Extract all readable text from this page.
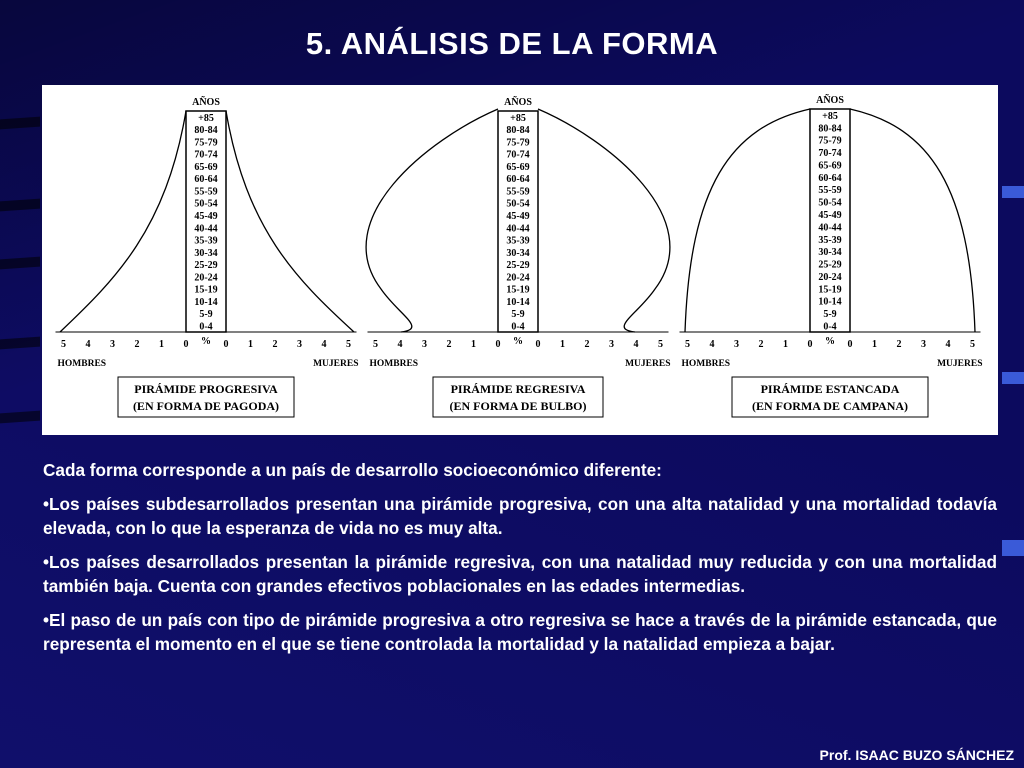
5. ANÁLISIS DE LA FORMA
AÑOS
+85
80-84
75-79
70-74
65-69
60-64
55-59
50-54
45-49
40-44
35-39
30-34
25-29
20-24
15-19
10-14
5-9
0-4
5 4 3 2 1 0	0 1 2 3 4 5
%
HOMBRES	MUJERES
PIRÁMIDE PROGRESIVA
(EN FORMA DE PAGODA)
AÑOS
+85
80-84
75-79
70-74
65-69
60-64
55-59
50-54
45-49
40-44
35-39
30-34
25-29
20-24
15-19
10-14
5-9
0-4
5 4 3 2 1 0	0 1 2 3 4 5
%
HOMBRES	MUJERES
PIRÁMIDE REGRESIVA
(EN FORMA DE BULBO)
AÑOS
+85
80-84
75-79
70-74
65-69
60-64
55-59
50-54
45-49
40-44
35-39
30-34
25-29
20-24
15-19
10-14
5-9
0-4
5 4 3 2 1 0	0 1 2 3 4 5
%
HOMBRES	MUJERES
PIRÁMIDE ESTANCADA
(EN FORMA DE CAMPANA)

Cada forma corresponde a un país de desarrollo socioeconómico diferente:

•Los países subdesarrollados presentan una pirámide progresiva, con una alta natalidad y una mortalidad todavía elevada, con lo que la esperanza de vida no es muy alta.

•Los países desarrollados presentan la pirámide regresiva, con una natalidad muy reducida y con una mortalidad también baja. Cuenta con grandes efectivos poblacionales en las edades intermedias.

•El paso de un país con tipo de pirámide progresiva a otro regresiva se hace a través de la pirámide estancada, que representa el momento en el que se tiene controlada la mortalidad y la natalidad empieza a bajar.

Prof. ISAAC BUZO SÁNCHEZ
